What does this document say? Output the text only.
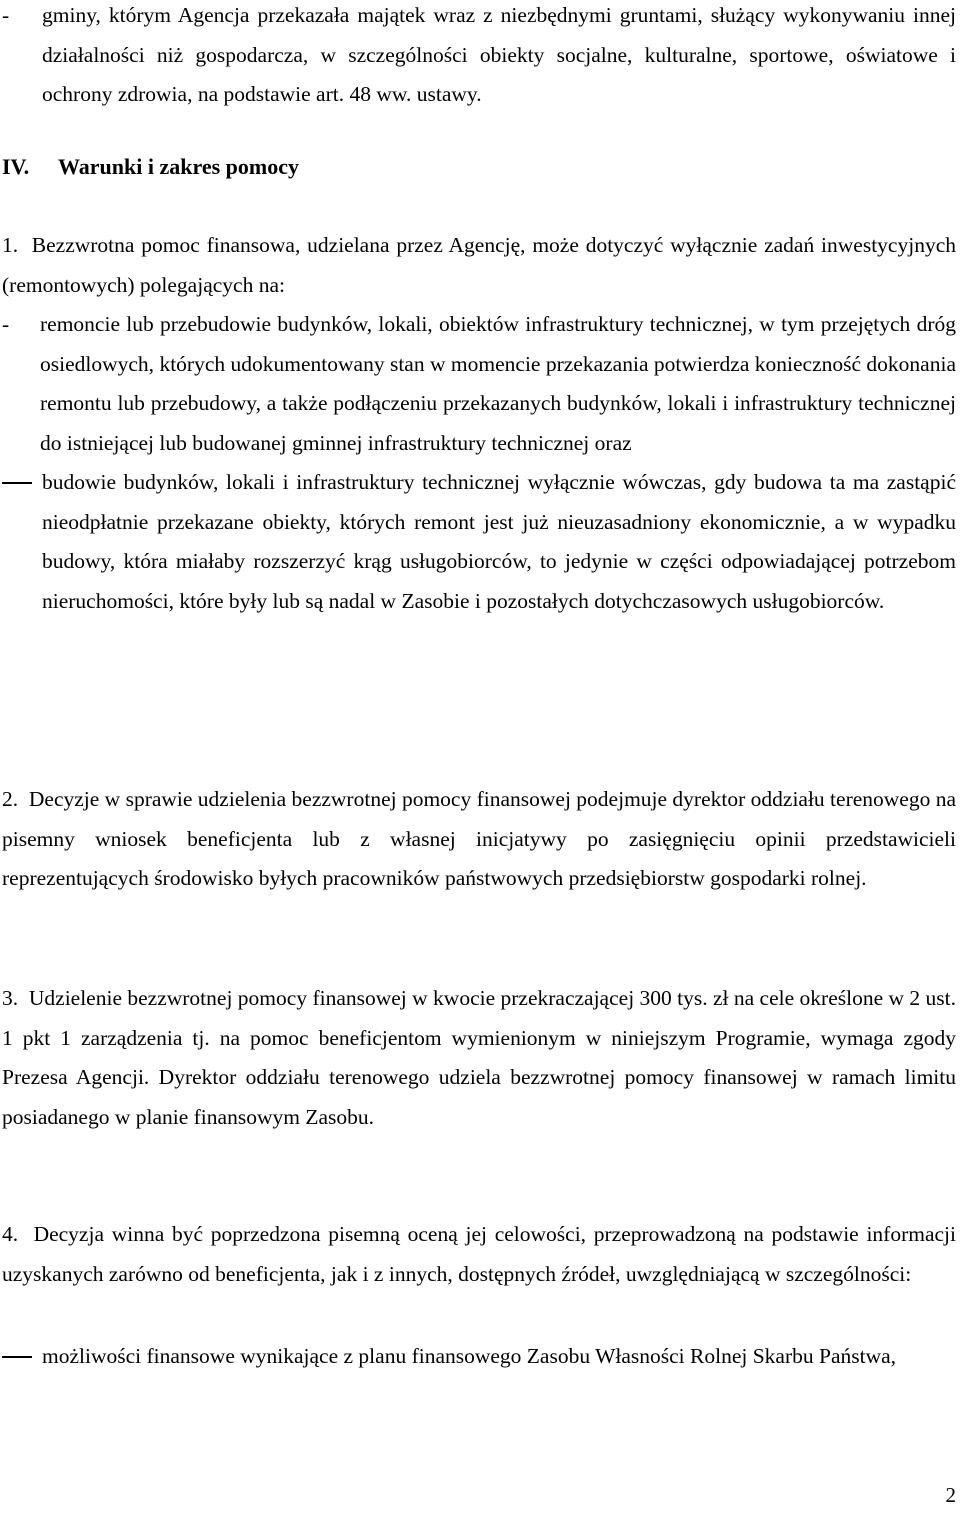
-	gminy, którym Agencja przekazała majątek wraz z niezbędnymi gruntami, służący wykonywaniu innej działalności niż gospodarcza, w szczególności obiekty socjalne, kulturalne, sportowe, oświatowe i ochrony zdrowia, na podstawie art. 48 ww. ustawy.
IV. Warunki i zakres pomocy
1. Bezzwrotna pomoc finansowa, udzielana przez Agencję, może dotyczyć wyłącznie zadań inwestycyjnych (remontowych) polegających na:
-	remoncie lub przebudowie budynków, lokali, obiektów infrastruktury technicznej, w tym przejętych dróg osiedlowych, których udokumentowany stan w momencie przekazania potwierdza konieczność dokonania remontu lub przebudowy, a także podłączeniu przekazanych budynków, lokali i infrastruktury technicznej do istniejącej lub budowanej gminnej infrastruktury technicznej oraz
budowie budynków, lokali i infrastruktury technicznej wyłącznie wówczas, gdy budowa ta ma zastąpić nieodpłatnie przekazane obiekty, których remont jest już nieuzasadniony ekonomicznie, a w wypadku budowy, która miałaby rozszerzyć krąg usługobiorców, to jedynie w części odpowiadającej potrzebom nieruchomości, które były lub są nadal w Zasobie i pozostałych dotychczasowych usługobiorców.
2. Decyzje w sprawie udzielenia bezzwrotnej pomocy finansowej podejmuje dyrektor oddziału terenowego na pisemny wniosek beneficjenta lub z własnej inicjatywy po zasięgnięciu opinii przedstawicieli reprezentujących środowisko byłych pracowników państwowych przedsiębiorstw gospodarki rolnej.
3. Udzielenie bezzwrotnej pomocy finansowej w kwocie przekraczającej 300 tys. zł na cele określone w 2 ust. 1 pkt 1 zarządzenia tj. na pomoc beneficjentom wymienionym w niniejszym Programie, wymaga zgody Prezesa Agencji. Dyrektor oddziału terenowego udziela bezzwrotnej pomocy finansowej w ramach limitu posiadanego w planie finansowym Zasobu.
4. Decyzja winna być poprzedzona pisemną oceną jej celowości, przeprowadzoną na podstawie informacji uzyskanych zarówno od beneficjenta, jak i z innych, dostępnych źródeł, uwzględniającą w szczególności:
możliwości finansowe wynikające z planu finansowego Zasobu Własności Rolnej Skarbu Państwa,
2
